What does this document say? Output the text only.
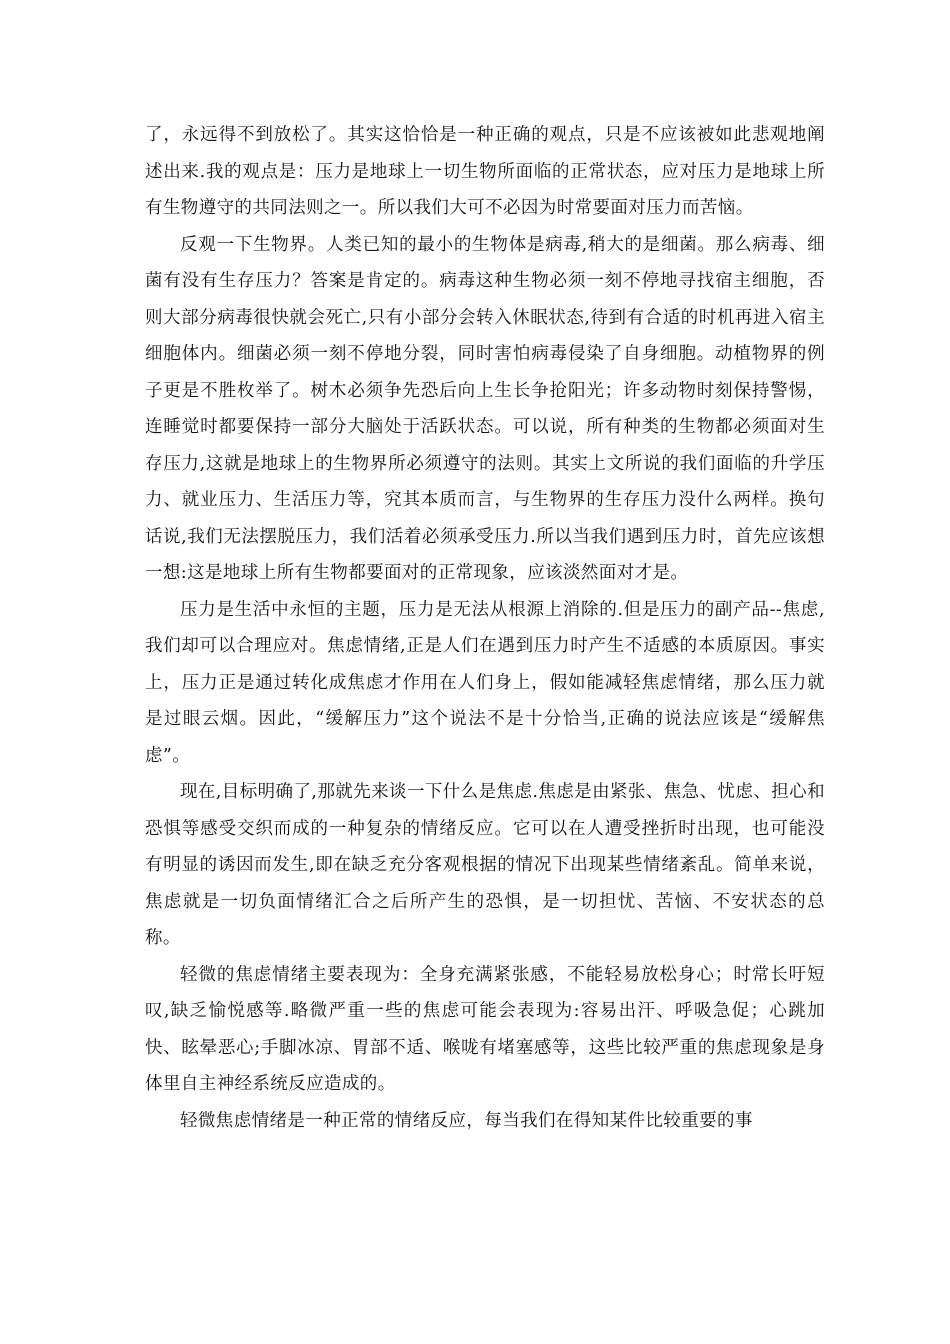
了，永远得不到放松了。其实这恰恰是一种正确的观点，只是不应该被如此悲观地阐述出来.我的观点是：压力是地球上一切生物所面临的正常状态，应对压力是地球上所有生物遵守的共同法则之一。所以我们大可不必因为时常要面对压力而苦恼。

反观一下生物界。人类已知的最小的生物体是病毒,稍大的是细菌。那么病毒、细菌有没有生存压力？答案是肯定的。病毒这种生物必须一刻不停地寻找宿主细胞，否则大部分病毒很快就会死亡,只有小部分会转入休眠状态,待到有合适的时机再进入宿主细胞体内。细菌必须一刻不停地分裂，同时害怕病毒侵染了自身细胞。动植物界的例子更是不胜枚举了。树木必须争先恐后向上生长争抢阳光；许多动物时刻保持警惕，连睡觉时都要保持一部分大脑处于活跃状态。可以说，所有种类的生物都必须面对生存压力,这就是地球上的生物界所必须遵守的法则。其实上文所说的我们面临的升学压力、就业压力、生活压力等，究其本质而言，与生物界的生存压力没什么两样。换句话说,我们无法摆脱压力，我们活着必须承受压力.所以当我们遇到压力时，首先应该想一想:这是地球上所有生物都要面对的正常现象，应该淡然面对才是。

压力是生活中永恒的主题，压力是无法从根源上消除的.但是压力的副产品--焦虑,我们却可以合理应对。焦虑情绪,正是人们在遇到压力时产生不适感的本质原因。事实上，压力正是通过转化成焦虑才作用在人们身上，假如能减轻焦虑情绪，那么压力就是过眼云烟。因此，“缓解压力”这个说法不是十分恰当,正确的说法应该是“缓解焦虑”。

现在,目标明确了,那就先来谈一下什么是焦虑.焦虑是由紧张、焦急、忧虑、担心和恐惧等感受交织而成的一种复杂的情绪反应。它可以在人遭受挫折时出现，也可能没有明显的诱因而发生,即在缺乏充分客观根据的情况下出现某些情绪紊乱。简单来说，焦虑就是一切负面情绪汇合之后所产生的恐惧，是一切担忧、苦恼、不安状态的总称。

轻微的焦虑情绪主要表现为：全身充满紧张感，不能轻易放松身心；时常长吁短叹,缺乏愉悦感等.略微严重一些的焦虑可能会表现为:容易出汗、呼吸急促；心跳加快、眩晕恶心;手脚冰凉、胃部不适、喉咙有堵塞感等，这些比较严重的焦虑现象是身体里自主神经系统反应造成的。

轻微焦虑情绪是一种正常的情绪反应，每当我们在得知某件比较重要的事
